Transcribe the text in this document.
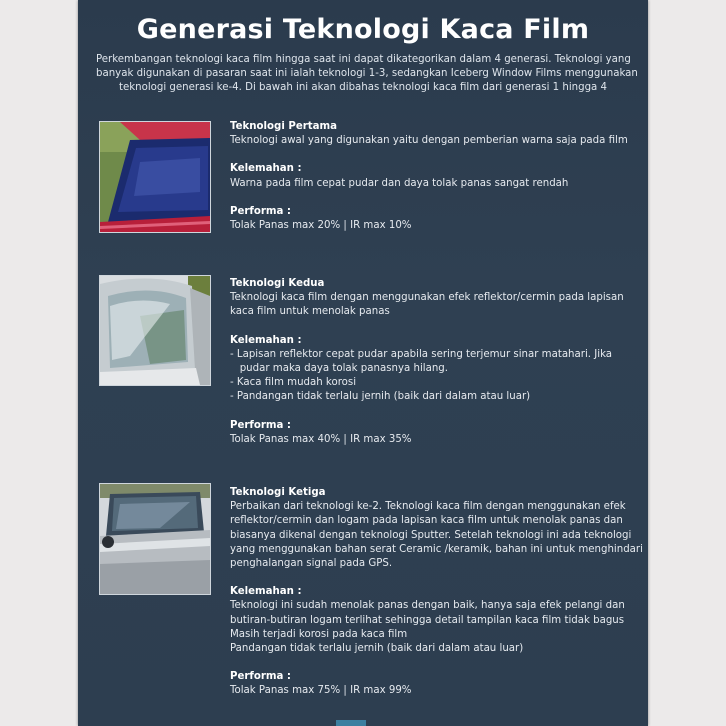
Generasi Teknologi Kaca Film
Perkembangan teknologi kaca film hingga saat ini dapat dikategorikan dalam 4 generasi. Teknologi yang
banyak digunakan di pasaran saat ini ialah teknologi 1-3, sedangkan Iceberg Window Films menggunakan
teknologi generasi ke-4. Di bawah ini akan dibahas teknologi kaca film dari generasi 1 hingga 4
Teknologi Pertama
Teknologi awal yang digunakan yaitu dengan pemberian warna saja pada film
Kelemahan :
Warna pada film cepat pudar dan daya tolak panas sangat rendah
Performa :
Tolak Panas max 20% | IR max 10%
Teknologi Kedua
Teknologi kaca film dengan menggunakan efek reflektor/cermin pada lapisan
kaca film untuk menolak panas
Kelemahan :
- Lapisan reflektor cepat pudar apabila sering terjemur sinar matahari. Jika
pudar maka daya tolak panasnya hilang.
- Kaca film mudah korosi
- Pandangan tidak terlalu jernih (baik dari dalam atau luar)
Performa :
Tolak Panas max 40% | IR max 35%
Teknologi Ketiga
Perbaikan dari teknologi ke-2. Teknologi kaca film dengan menggunakan efek
reflektor/cermin dan logam pada lapisan kaca film untuk menolak panas dan
biasanya dikenal dengan teknologi Sputter. Setelah teknologi ini ada teknologi
yang menggunakan bahan serat Ceramic /keramik, bahan ini untuk menghindari
penghalangan signal pada GPS.
Kelemahan :
Teknologi ini sudah menolak panas dengan baik, hanya saja efek pelangi dan
butiran-butiran logam terlihat sehingga detail tampilan kaca film tidak bagus
Masih terjadi korosi pada kaca film
Pandangan tidak terlalu jernih (baik dari dalam atau luar)
Performa :
Tolak Panas max 75% | IR max 99%
